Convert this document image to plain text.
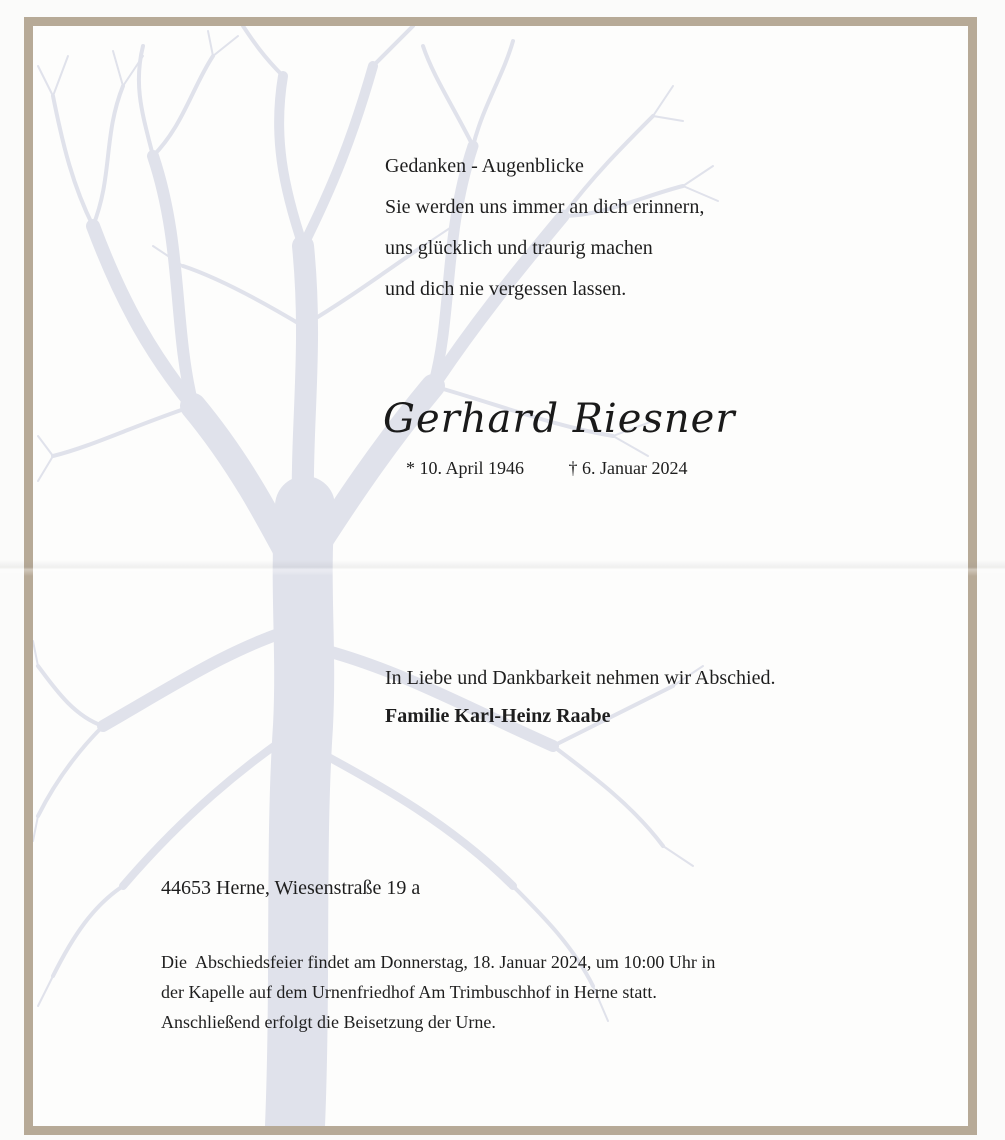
Gedanken - Augenblicke
Sie werden uns immer an dich erinnern,
uns glücklich und traurig machen
und dich nie vergessen lassen.
Gerhard Riesner
* 10. April 1946 † 6. Januar 2024
In Liebe und Dankbarkeit nehmen wir Abschied.
Familie Karl-Heinz Raabe
44653 Herne, Wiesenstraße 19 a
Die  Abschiedsfeier findet am Donnerstag, 18. Januar 2024, um 10:00 Uhr in
der Kapelle auf dem Urnenfriedhof Am Trimbuschhof in Herne statt.
Anschließend erfolgt die Beisetzung der Urne.
